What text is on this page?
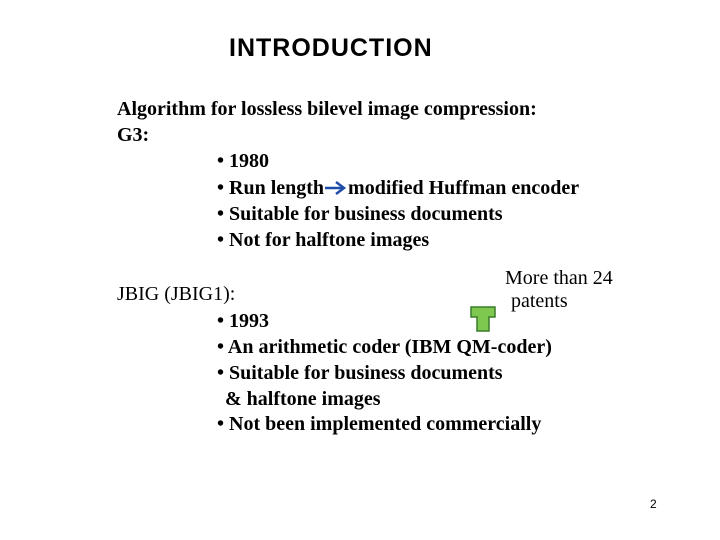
INTRODUCTION
Algorithm for lossless bilevel image compression:
G3:
• 1980
• Run length modified Huffman encoder
• Suitable for business documents
• Not for halftone images
More than 24
patents
JBIG (JBIG1):
• 1993
• An arithmetic coder (IBM QM-coder)
• Suitable for business documents
& halftone images
• Not been implemented commercially
2
